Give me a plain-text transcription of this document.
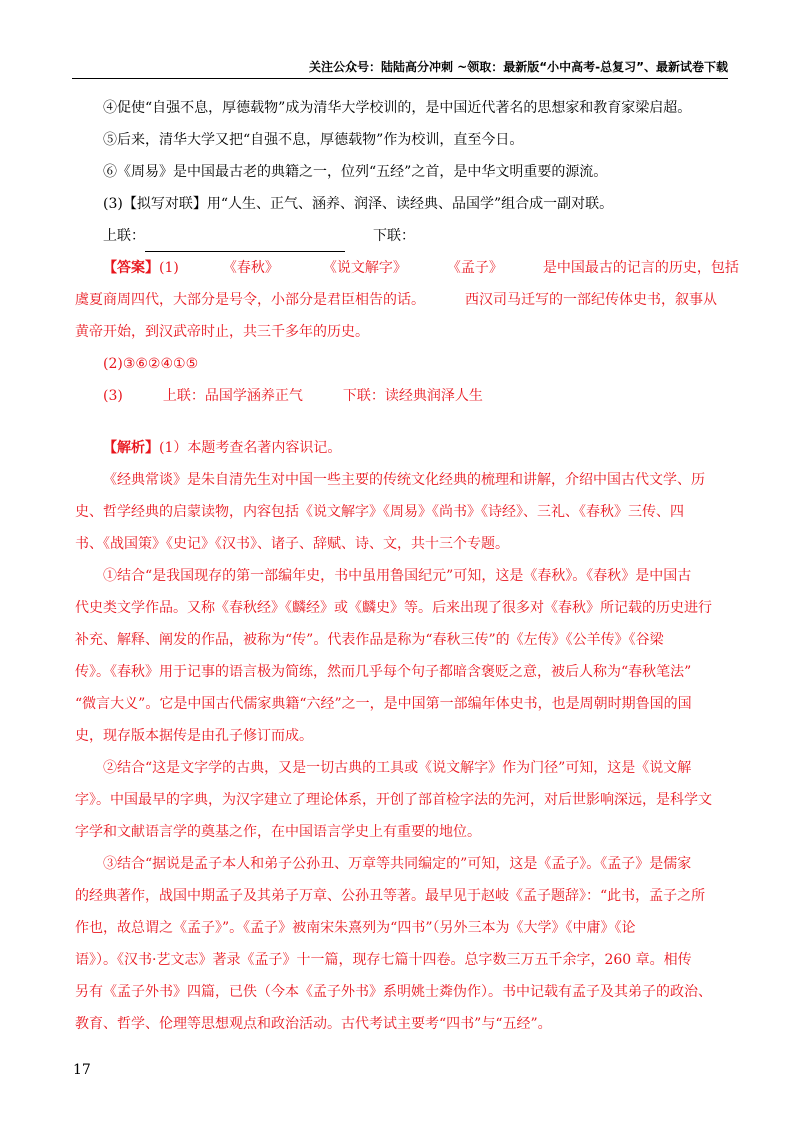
关注公众号：陆陆高分冲刺 ~领取：最新版“小中高考-总复习”、最新试卷下载
④促使“自强不息，厚德载物”成为清华大学校训的，是中国近代著名的思想家和教育家梁启超。
⑤后来，清华大学又把“自强不息，厚德载物”作为校训，直至今日。
⑥《周易》是中国最古老的典籍之一，位列“五经”之首，是中华文明重要的源流。
(3)【拟写对联】用“人生、正气、涵养、润泽、读经典、品国学”组合成一副对联。
上联：	下联：
【答案】(1)	《春秋》	《说文解字》	《孟子》	是中国最古的记言的历史，包括
虞夏商周四代，大部分是号令，小部分是君臣相告的话。	西汉司马迁写的一部纪传体史书，叙事从
黄帝开始，到汉武帝时止，共三千多年的历史。
(2)③⑥②④①⑤
(3)	上联：品国学涵养正气	下联：读经典润泽人生
【解析】(1）本题考查名著内容识记。
《经典常谈》是朱自清先生对中国一些主要的传统文化经典的梳理和讲解，介绍中国古代文学、历
史、哲学经典的启蒙读物，内容包括《说文解字》《周易》《尚书》《诗经》、三礼、《春秋》三传、四
书、《战国策》《史记》《汉书》、诸子、辞赋、诗、文，共十三个专题。
①结合“是我国现存的第一部编年史，书中虽用鲁国纪元”可知，这是《春秋》。《春秋》是中国古
代史类文学作品。又称《春秋经》《麟经》或《麟史》等。后来出现了很多对《春秋》所记载的历史进行
补充、解释、阐发的作品，被称为“传”。代表作品是称为“春秋三传”的《左传》《公羊传》《谷梁
传》。《春秋》用于记事的语言极为简练，然而几乎每个句子都暗含褒贬之意，被后人称为“春秋笔法”
“微言大义”。它是中国古代儒家典籍“六经”之一，是中国第一部编年体史书，也是周朝时期鲁国的国
史，现存版本据传是由孔子修订而成。
②结合“这是文字学的古典，又是一切古典的工具或《说文解字》作为门径”可知，这是《说文解
字》。中国最早的字典，为汉字建立了理论体系，开创了部首检字法的先河，对后世影响深远，是科学文
字学和文献语言学的奠基之作，在中国语言学史上有重要的地位。
③结合“据说是孟子本人和弟子公孙丑、万章等共同编定的”可知，这是《孟子》。《孟子》是儒家
的经典著作，战国中期孟子及其弟子万章、公孙丑等著。最早见于赵岐《孟子题辞》：“此书，孟子之所
作也，故总谓之《孟子》”。《孟子》被南宋朱熹列为“四书”（另外三本为《大学》《中庸》《论
语》）。《汉书·艺文志》著录《孟子》十一篇，现存七篇十四卷。总字数三万五千余字，260 章。相传
另有《孟子外书》四篇，已佚（今本《孟子外书》系明姚士粦伪作）。书中记载有孟子及其弟子的政治、
教育、哲学、伦理等思想观点和政治活动。古代考试主要考“四书”与“五经”。
17
